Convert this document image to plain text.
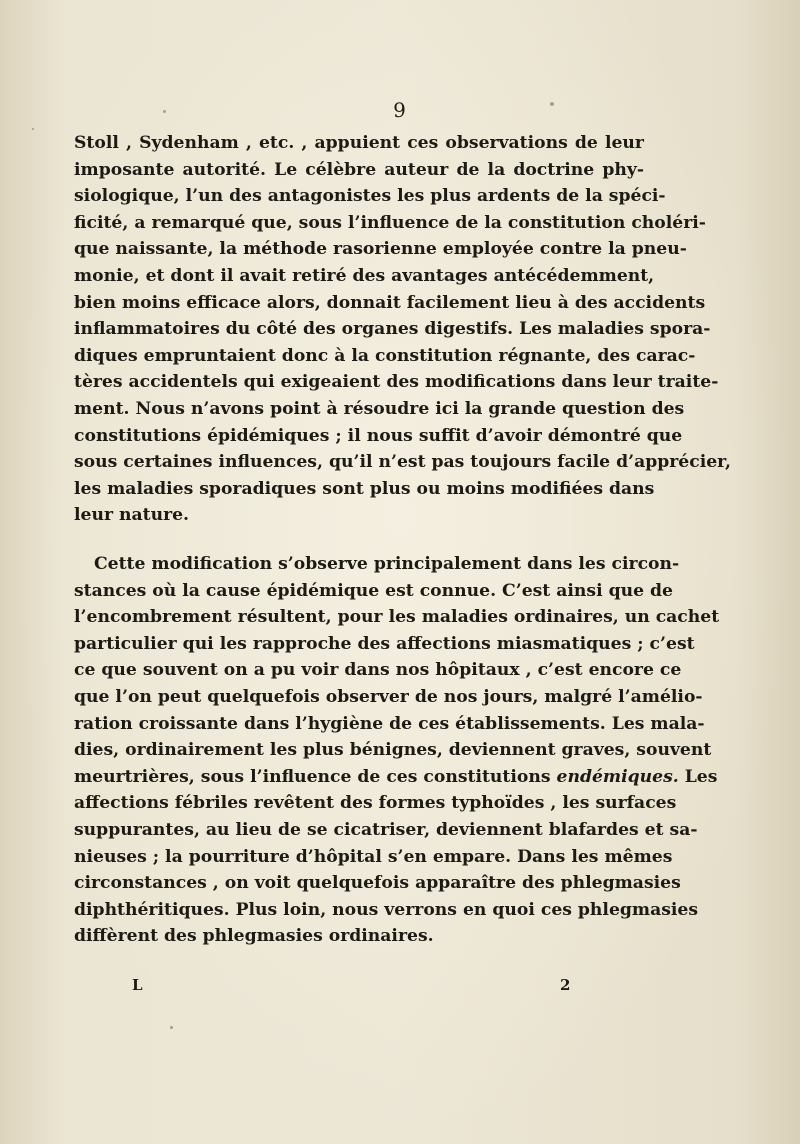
9
Stoll , Sydenham , etc. , appuient ces observations de leur
imposante autorité. Le célèbre auteur de la doctrine phy-
siologique, l’un des antagonistes les plus ardents de la spéci-
ficité, a remarqué que, sous l’influence de la constitution choléri-
que naissante, la méthode rasorienne employée contre la pneu-
monie, et dont il avait retiré des avantages antécédemment,
bien moins efficace alors, donnait facilement lieu à des accidents
inflammatoires du côté des organes digestifs. Les maladies spora-
diques empruntaient donc à la constitution régnante, des carac-
tères accidentels qui exigeaient des modifications dans leur traite-
ment. Nous n’avons point à résoudre ici la grande question des
constitutions épidémiques ; il nous suffit d’avoir démontré que
sous certaines influences, qu’il n’est pas toujours facile d’apprécier,
les maladies sporadiques sont plus ou moins modifiées dans
leur nature.
Cette modification s’observe principalement dans les circon-
stances où la cause épidémique est connue. C’est ainsi que de
l’encombrement résultent, pour les maladies ordinaires, un cachet
particulier qui les rapproche des affections miasmatiques ; c’est
ce que souvent on a pu voir dans nos hôpitaux , c’est encore ce
que l’on peut quelquefois observer de nos jours, malgré l’amélio-
ration croissante dans l’hygiène de ces établissements. Les mala-
dies, ordinairement les plus bénignes, deviennent graves, souvent
meurtrières, sous l’influence de ces constitutions endémiques. Les
affections fébriles revêtent des formes typhoïdes , les surfaces
suppurantes, au lieu de se cicatriser, deviennent blafardes et sa-
nieuses ; la pourriture d’hôpital s’en empare. Dans les mêmes
circonstances , on voit quelquefois apparaître des phlegmasies
diphthéritiques. Plus loin, nous verrons en quoi ces phlegmasies
diffèrent des phlegmasies ordinaires.
L	2
